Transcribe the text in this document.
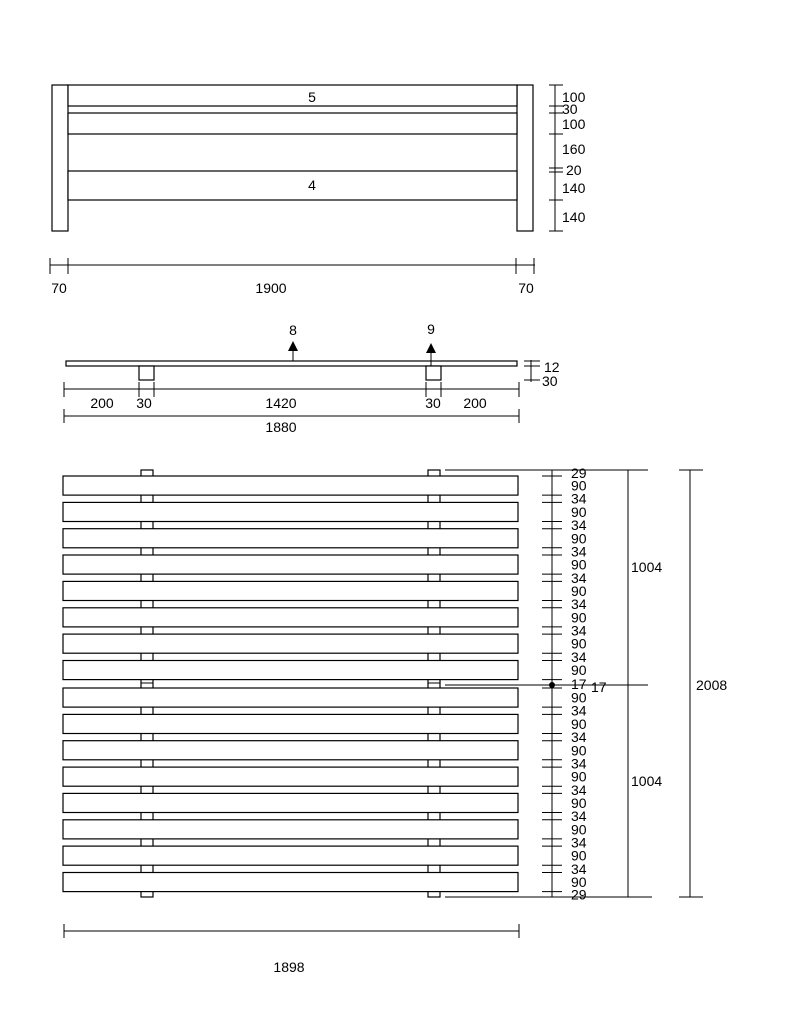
5
4
100
30
100
160
20
140
140
70	1900	70
8	9
12
30
200 30	1420	30 200
1880
29
90
34
90
34
90
34
90
34
90
34
90
34
90
34
90
17
90
34
90
34
90
34
90
34
90
34
90
34
90
34
90
29
1004
1004
2008
17
1898
